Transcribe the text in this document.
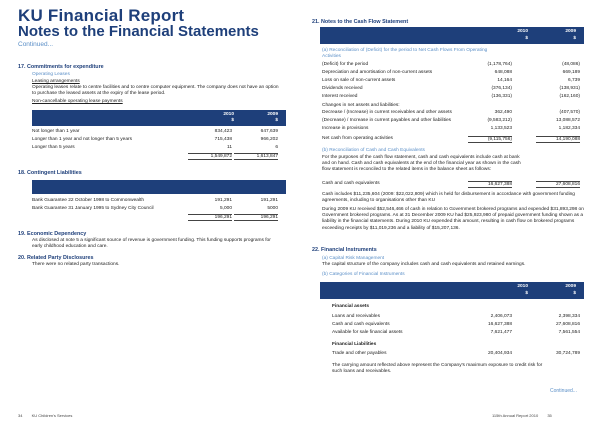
KU Financial Report
Notes to the Financial Statements
Continued...
17. Commitments for expenditure
Operating Leases
Leasing arrangements
Operating leases relate to centre facilities and to centre computer equipment. The company does not have an option to purchase the leased assets at the expiry of the lease period.
Non-cancellable operating lease payments
2010
$
2009
$
Not longer than 1 year	834,423	647,639
Longer than 1 year and not longer than 5 years	715,438	966,202
Longer than 5 years	11	6
1,549,872	1,613,847
18. Contingent Liabilities
Bank Guarantee 22 October 1998 to Commonwealth	191,291	191,291
Bank Guarantee 31 January 1995 to Sydney City Council	5,000	5000
196,291	196,291
19. Economic Dependency
As disclosed at note 5 a significant source of revenue is government funding. This funding supports programs for early childhood education and care.
20. Related Party Disclosures
There were no related party transactions.
34 KU Children's Services
21. Notes to the Cash Flow Statement
2010
$
2009
$
(a) Reconciliation of (Deficit) for the period to Net Cash Flows From Operating Activities
(Deficit) for the period	(1,178,764)	(48,086)
Depreciation and amortisation of non-current assets	648,088	669,189
Loss on sale of non-current assets	14,164	6,739
Dividends received	(376,134)	(138,931)
Interest received	(136,331)	(162,160)
Changes in net assets and liabilities:
Decrease / (Increase) in current receivables and other assets	362,490	(407,570)
(Decrease) / Increase in current payables and other liabilities	(9,583,212)	13,088,572
Increase in provisions	1,133,523	1,182,334
Net cash from operating activities	(9,115,756)	14,190,088
(b) Reconciliation of Cash and Cash Equivalents
For the purposes of the cash flow statement, cash and cash equivalents include cash at bank and on hand. Cash and cash equivalents at the end of the financial year as shown in the cash flow statement is reconciled to the related items in the balance sheet as follows:
Cash and cash equivalents	16,627,388	27,608,816
Cash includes $11,235,604 (2009: $22,022,809) which is held for disbursement in accordance with government funding agreements, including to organisations other than KU
During 2009 KU received $52,546,466 of cash in relation to Government brokered programs and expended $31,893,298 on Government brokered programs. As at 31 December 2009 KU had $25,923,980 of prepaid government funding shown as a liability in the financial statements. During 2010 KU expended this amount, resulting in cash flow on brokered programs exceeding receipts by $11,019,236 and a liability of $15,207,136.
22. Financial Instruments
(a) Capital Risk Management
The capital structure of the company includes cash and cash equivalents and retained earnings.
(b) Categories of Financial Instruments
2010
$
2009
$
Financial assets
Loans and receivables	2,406,073	2,398,334
Cash and cash equivalents	16,627,388	27,608,816
Available for sale financial assets	7,621,477	7,561,554
Financial Liabilities
Trade and other payables	20,404,934	30,724,789
The carrying amount reflected above represent the Company's maximum exposure to credit risk for such loans and receivables.
Continued...
115th Annual Report 2010 35
